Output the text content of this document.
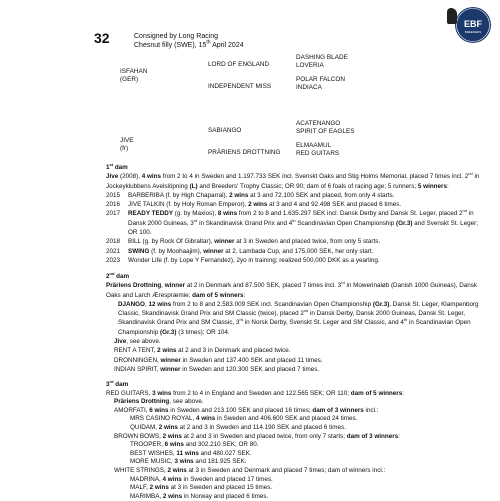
32	Consigned by Long Racing
Chesnut filly (SWE), 15th April 2024
EBF
BREEDERS
ISFAHAN
(GER)
JIVE
(fr)
LORD OF ENGLAND
INDEPENDENT MISS
SABIANGO
PRÄRIENS DROTTNING
DASHING BLADE
LOVERIA
POLAR FALCON
INDIACA
ACATENANGO
SPIRIT OF EAGLES
ELMAAMUL
RED GUITARS

1st dam

Jive (2008), 4 wins from 2 to 4 in Sweden and 1.197.733 SEK incl. Svenskt Oaks and Stig Holms Memorial, placed 7 times incl. 2nd in Jockeyklubbens Avelslöpning (L) and Breeders' Trophy Classic; OR 90; dam of 6 foals of racing age; 5 runners; 5 winners:

2015	BARBERIBA (f. by High Chaparral), 2 wins at 3 and 72.100 SEK and placed, from only 4 starts.
2016	JIVE TALKIN (f. by Holy Roman Emperor), 2 wins at 3 and 4 and 92.498 SEK and placed 6 times.
2017	READY TEDDY (g. by Maxios), 8 wins from 2 to 8 and 1.635.297 SEK incl. Dansk Derby and Dansk St. Leger, placed 2nd in Dansk 2000 Guineas, 3rd in Skandinavisk Grand Prix and 4th Scandinavian Open Championship (Gr.3) and Svenskt St. Leger; OR 100.
2018	BILL (g. by Rock Of Gibraltar), winner at 3 in Sweden and placed twice, from only 5 starts.
2021	SWING (f. by Moohaajim), winner at 2, Lambada Cup, and 175.000 SEK, her only start.
2023	Wonder Life (f. by Lope Y Fernandez), 2yo in training; realized 500.000 DKK as a yearling.

2nd dam

Präriens Drottning, winner at 2 in Denmark and 87.500 SEK, placed 7 times incl. 3rd in Mowerinaløb (Danish 1000 Guineas), Dansk Oaks and Larch Ærespræmie; dam of 5 winners:

DJANGO, 12 wins from 2 to 8 and 2.583.009 SEK incl. Scandinavian Open Championship (Gr.3), Dansk St. Leger, Klampenborg Classic, Skandinavisk Grand Prix and SM Classic (twice), placed 2nd in Dansk Derby, Dansk 2000 Guineas, Dansk St. Leger, Skandinavisk Grand Prix and SM Classic, 3rd in Norsk Derby, Svenskt St. Leger and SM Classic, and 4th in Scandinavian Open Championship (Gr.3) (3 times); OR 104.

Jive, see above.

RENT A TENT, 2 wins at 2 and 3 in Denmark and placed twice.

DRONNINGEN, winner in Sweden and 137.400 SEK and placed 11 times.

INDIAN SPIRIT, winner in Sweden and 120.300 SEK and placed 7 times.

3rd dam

RED GUITARS, 3 wins from 2 to 4 in England and Sweden and 122.565 SEK; OR 110; dam of 5 winners:

Präriens Drottning, see above.

AMORFATI, 6 wins in Sweden and 213.100 SEK and placed 16 times; dam of 3 winners incl.:

MRS CASINO ROYAL, 4 wins in Sweden and 406.600 SEK and placed 24 times.

QUIDAM, 2 wins at 2 and 3 in Sweden and 114.190 SEK and placed 6 times.

BROWN BOWS, 2 wins at 2 and 3 in Sweden and placed twice, from only 7 starts; dam of 3 winners:

TROOPER, 6 wins and 302.210 SEK; OR 80.

BEST WISHES, 11 wins and 480.027 SEK.

MORE MUSIC, 3 wins and 181.925 SEK.

WHITE STRINGS, 2 wins at 3 in Sweden and Denmark and placed 7 times; dam of winners incl.:

MADRINA, 4 wins in Sweden and placed 17 times.

MALF, 2 wins at 3 in Sweden and placed 15 times.

MARIMBA, 2 wins in Norway and placed 6 times.
